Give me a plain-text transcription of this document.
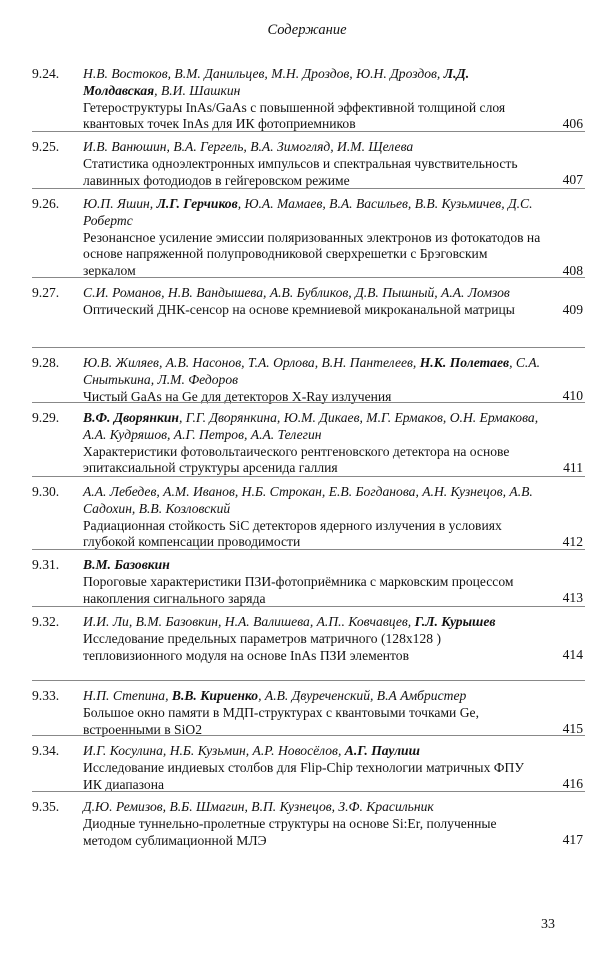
Содержание
9.24. Н.В. Востоков, В.М. Данильцев, М.Н. Дроздов, Ю.Н. Дроздов, Л.Д. Молдавская, В.И. Шашкин
Гетероструктуры InAs/GaAs с повышенной эффективной толщиной слоя квантовых точек InAs для ИК фотоприемников	406
9.25. И.В. Ванюшин, В.А. Гергель, В.А. Зимогляд, И.М. Щелева
Статистика одноэлектронных импульсов и спектральная чувствительность лавинных фотодиодов в гейгеровском режиме	407
9.26. Ю.П. Яшин, Л.Г. Герчиков, Ю.А. Мамаев, В.А. Васильев, В.В. Кузьмичев, Д.С. Робертс
Резонансное усиление эмиссии поляризованных электронов из фотокатодов на основе напряженной полупроводниковой сверхрешетки с Брэговским зеркалом	408
9.27. С.И. Романов, Н.В. Вандышева, А.В. Бубликов, Д.В. Пышный, А.А. Ломзов
Оптический ДНК-сенсор на основе кремниевой микроканальной матрицы	409
9.28. Ю.В. Жиляев, А.В. Насонов, Т.А. Орлова, В.Н. Пантелеев, Н.К. Полетаев, С.А. Снытькина, Л.М. Федоров
Чистый GaAs на Ge для детекторов X-Ray излучения	410
9.29. В.Ф. Дворянкин, Г.Г. Дворянкина, Ю.М. Дикаев, М.Г. Ермаков, О.Н. Ермакова, А.А. Кудряшов, А.Г. Петров, А.А. Телегин
Характеристики фотовольтаического рентгеновского детектора на основе эпитаксиальной структуры арсенида галлия	411
9.30. А.А. Лебедев, А.М. Иванов, Н.Б. Строкан, Е.В. Богданова, А.Н. Кузнецов, А.В. Садохин, В.В. Козловский
Радиационная стойкость SiC детекторов ядерного излучения в условиях глубокой компенсации проводимости	412
9.31. В.М. Базовкин
Пороговые характеристики ПЗИ-фотоприёмника с марковским процессом накопления сигнального заряда	413
9.32. И.И. Ли, В.М. Базовкин, Н.А. Валишева, А.П.. Ковчавцев, Г.Л. Курышев
Исследование предельных параметров матричного (128х128 ) тепловизионного модуля на основе InAs ПЗИ элементов	414
9.33. Н.П. Степина, В.В. Кириенко, А.В. Двуреченский, В.А Амбристер
Большое окно памяти в МДП-структурах с квантовыми точками Ge, встроенными в SiO2	415
9.34. И.Г. Косулина, Н.Б. Кузьмин, А.Р. Новосёлов, А.Г. Паулиш
Исследование индиевых столбов для Flip-Chip технологии матричных ФПУ ИК диапазона	416
9.35. Д.Ю. Ремизов, В.Б. Шмагин, В.П. Кузнецов, З.Ф. Красильник
Диодные туннельно-пролетные структуры на основе Si:Er, полученные методом сублимационной МЛЭ	417
33
